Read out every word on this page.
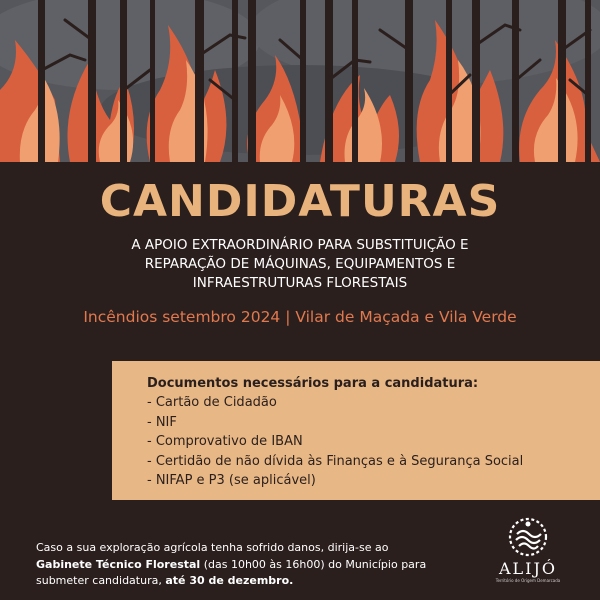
CANDIDATURAS
A APOIO EXTRAORDINÁRIO PARA SUBSTITUIÇÃO E
REPARAÇÃO DE MÁQUINAS, EQUIPAMENTOS E
INFRAESTRUTURAS FLORESTAIS
Incêndios setembro 2024 | Vilar de Maçada e Vila Verde
Documentos necessários para a candidatura:
- Cartão de Cidadão
- NIF
- Comprovativo de IBAN
- Certidão de não dívida às Finanças e à Segurança Social
- NIFAP e P3 (se aplicável)
Caso a sua exploração agrícola tenha sofrido danos, dirija-se ao Gabinete Técnico Florestal (das 10h00 às 16h00) do Município para submeter candidatura, até 30 de dezembro.
ALIJÓ
Território de Origem Demarcada
